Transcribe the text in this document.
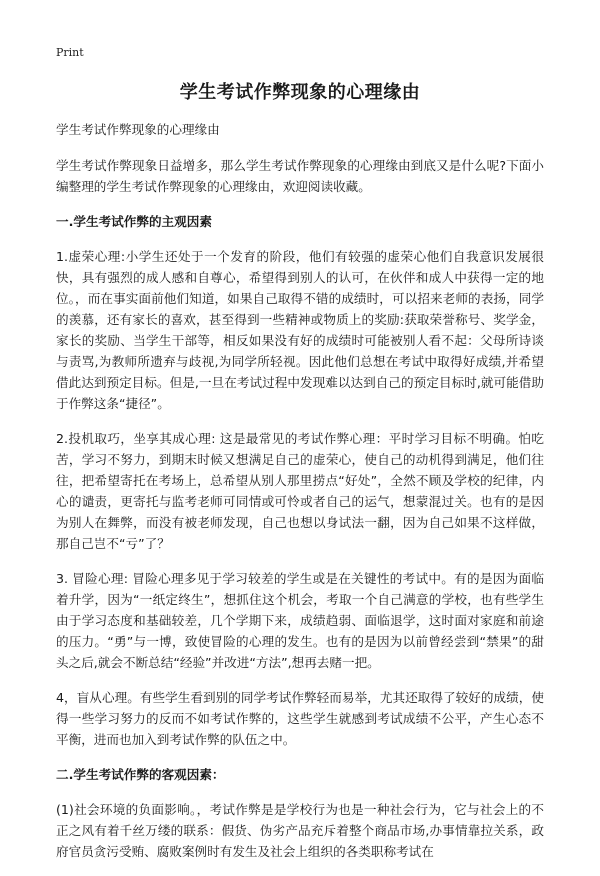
Print
学生考试作弊现象的心理缘由

学生考试作弊现象的心理缘由

学生考试作弊现象日益增多，那么学生考试作弊现象的心理缘由到底又是什么呢?下面小编整理的学生考试作弊现象的心理缘由，欢迎阅读收藏。

一.学生考试作弊的主观因素

1.虚荣心理:小学生还处于一个发育的阶段，他们有较强的虚荣心他们自我意识发展很快，具有强烈的成人感和自尊心，希望得到别人的认可，在伙伴和成人中获得一定的地位。，而在事实面前他们知道，如果自己取得不错的成绩时，可以招来老师的表扬，同学的羡慕，还有家长的喜欢，甚至得到一些精神或物质上的奖励:获取荣誉称号、奖学金，家长的奖励、当学生干部等，相反如果没有好的成绩时可能被别人看不起：父母所诗谈与责骂,为教师所遗弃与歧视,为同学所轻视。因此他们总想在考试中取得好成绩,并希望借此达到预定目标。但是,一旦在考试过程中发现难以达到自己的预定目标时,就可能借助于作弊这条“捷径”。

2.投机取巧，坐享其成心理: 这是最常见的考试作弊心理：平时学习目标不明确。怕吃苦，学习不努力，到期末时候又想满足自己的虚荣心，使自己的动机得到满足，他们往往，把希望寄托在考场上，总希望从别人那里捞点“好处”，全然不顾及学校的纪律，内心的谴责，更寄托与监考老师可同情或可怜或者自己的运气，想蒙混过关。也有的是因为别人在舞弊，而没有被老师发现，自己也想以身试法一翻，因为自己如果不这样做，那自己岂不“亏”了？

3. 冒险心理: 冒险心理多见于学习较差的学生或是在关键性的考试中。有的是因为面临着升学，因为“一纸定终生”，想抓住这个机会，考取一个自己满意的学校，也有些学生由于学习态度和基础较差，几个学期下来，成绩趋弱、面临退学，这时面对家庭和前途的压力。“勇”与一博，致使冒险的心理的发生。也有的是因为以前曾经尝到“禁果”的甜头之后,就会不断总结“经验”并改进“方法”,想再去赌一把。

4，盲从心理。有些学生看到别的同学考试作弊轻而易举，尤其还取得了较好的成绩，使得一些学习努力的反而不如考试作弊的，这些学生就感到考试成绩不公平，产生心态不平衡，进而也加入到考试作弊的队伍之中。

二.学生考试作弊的客观因素：

(1)社会环境的负面影响。，考试作弊是是学校行为也是一种社会行为，它与社会上的不正之风有着千丝万缕的联系：假货、伪劣产品充斥着整个商品市场,办事情靠拉关系，政府官员贪污受贿、腐败案例时有发生及社会上组织的各类职称考试在
